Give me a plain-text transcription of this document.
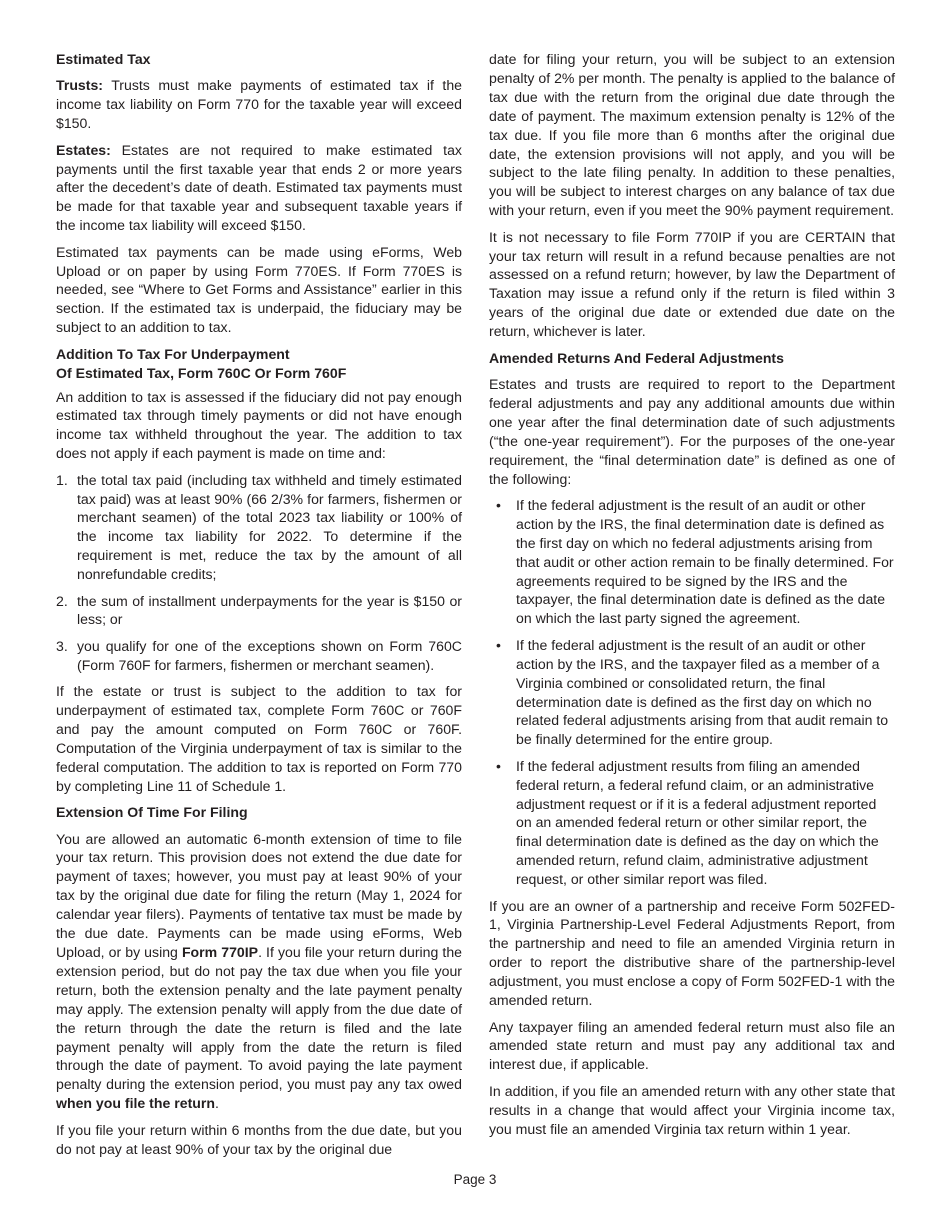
Estimated Tax

Trusts: Trusts must make payments of estimated tax if the income tax liability on Form 770 for the taxable year will exceed $150.

Estates: Estates are not required to make estimated tax payments until the first taxable year that ends 2 or more years after the decedent’s date of death. Estimated tax payments must be made for that taxable year and subsequent taxable years if the income tax liability will exceed $150.

Estimated tax payments can be made using eForms, Web Upload or on paper by using Form 770ES. If Form 770ES is needed, see “Where to Get Forms and Assistance” earlier in this section. If the estimated tax is underpaid, the fiduciary may be subject to an addition to tax.

Addition To Tax For Underpayment
Of Estimated Tax, Form 760C Or Form 760F

An addition to tax is assessed if the fiduciary did not pay enough estimated tax through timely payments or did not have enough income tax withheld throughout the year. The addition to tax does not apply if each payment is made on time and:

1. the total tax paid (including tax withheld and timely estimated tax paid) was at least 90% (66 2/3% for farmers, fishermen or merchant seamen) of the total 2023 tax liability or 100% of the income tax liability for 2022. To determine if the requirement is met, reduce the tax by the amount of all nonrefundable credits;
2. the sum of installment underpayments for the year is $150 or less; or
3. you qualify for one of the exceptions shown on Form 760C (Form 760F for farmers, fishermen or merchant seamen).

If the estate or trust is subject to the addition to tax for underpayment of estimated tax, complete Form 760C or 760F and pay the amount computed on Form 760C or 760F. Computation of the Virginia underpayment of tax is similar to the federal computation. The addition to tax is reported on Form 770 by completing Line 11 of Schedule 1.

Extension Of Time For Filing

You are allowed an automatic 6-month extension of time to file your tax return. This provision does not extend the due date for payment of taxes; however, you must pay at least 90% of your tax by the original due date for filing the return (May 1, 2024 for calendar year filers). Payments of tentative tax must be made by the due date. Payments can be made using eForms, Web Upload, or by using Form 770IP. If you file your return during the extension period, but do not pay the tax due when you file your return, both the extension penalty and the late payment penalty may apply. The extension penalty will apply from the due date of the return through the date the return is filed and the late payment penalty will apply from the date the return is filed through the date of payment. To avoid paying the late payment penalty during the extension period, you must pay any tax owed when you file the return.

If you file your return within 6 months from the due date, but you do not pay at least 90% of your tax by the original due

date for filing your return, you will be subject to an extension penalty of 2% per month. The penalty is applied to the balance of tax due with the return from the original due date through the date of payment. The maximum extension penalty is 12% of the tax due. If you file more than 6 months after the original due date, the extension provisions will not apply, and you will be subject to the late filing penalty. In addition to these penalties, you will be subject to interest charges on any balance of tax due with your return, even if you meet the 90% payment requirement.

It is not necessary to file Form 770IP if you are CERTAIN that your tax return will result in a refund because penalties are not assessed on a refund return; however, by law the Department of Taxation may issue a refund only if the return is filed within 3 years of the original due date or extended due date on the return, whichever is later.

Amended Returns And Federal Adjustments

Estates and trusts are required to report to the Department federal adjustments and pay any additional amounts due within one year after the final determination date of such adjustments (“the one-year requirement”). For the purposes of the one-year requirement, the “final determination date” is defined as one of the following:

• If the federal adjustment is the result of an audit or other action by the IRS, the final determination date is defined as the first day on which no federal adjustments arising from that audit or other action remain to be finally determined. For agreements required to be signed by the IRS and the taxpayer, the final determination date is defined as the date on which the last party signed the agreement.
• If the federal adjustment is the result of an audit or other action by the IRS, and the taxpayer filed as a member of a Virginia combined or consolidated return, the final determination date is defined as the first day on which no related federal adjustments arising from that audit remain to be finally determined for the entire group.
• If the federal adjustment results from filing an amended federal return, a federal refund claim, or an administrative adjustment request or if it is a federal adjustment reported on an amended federal return or other similar report, the final determination date is defined as the day on which the amended return, refund claim, administrative adjustment request, or other similar report was filed.

If you are an owner of a partnership and receive Form 502FED-1, Virginia Partnership-Level Federal Adjustments Report, from the partnership and need to file an amended Virginia return in order to report the distributive share of the partnership-level adjustment, you must enclose a copy of Form 502FED-1 with the amended return.

Any taxpayer filing an amended federal return must also file an amended state return and must pay any additional tax and interest due, if applicable.

In addition, if you file an amended return with any other state that results in a change that would affect your Virginia income tax, you must file an amended Virginia tax return within 1 year.

Page 3
